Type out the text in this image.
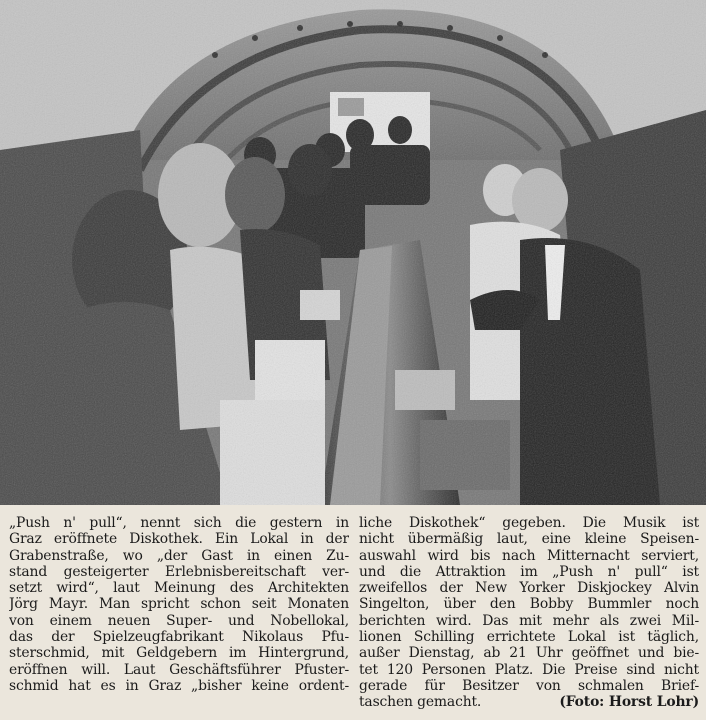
„Push n' pull“, nennt sich die gestern in
Graz eröffnete Diskothek. Ein Lokal in der
Grabenstraße, wo „der Gast in einen Zu-
stand gesteigerter Erlebnisbereitschaft ver-
setzt wird“, laut Meinung des Architekten
Jörg Mayr. Man spricht schon seit Monaten
von einem neuen Super- und Nobellokal,
das der Spielzeugfabrikant Nikolaus Pfu-
sterschmid, mit Geldgebern im Hintergrund,
eröffnen will. Laut Geschäftsführer Pfuster-
schmid hat es in Graz „bisher keine ordent-
liche Diskothek“ gegeben. Die Musik ist
nicht übermäßig laut, eine kleine Speisen-
auswahl wird bis nach Mitternacht serviert,
und die Attraktion im „Push n' pull“ ist
zweifellos der New Yorker Diskjockey Alvin
Singelton, über den Bobby Bummler noch
berichten wird. Das mit mehr als zwei Mil-
lionen Schilling errichtete Lokal ist täglich,
außer Dienstag, ab 21 Uhr geöffnet und bie-
tet 120 Personen Platz. Die Preise sind nicht
gerade für Besitzer von schmalen Brief-
taschen gemacht.	(Foto: Horst Lohr)
